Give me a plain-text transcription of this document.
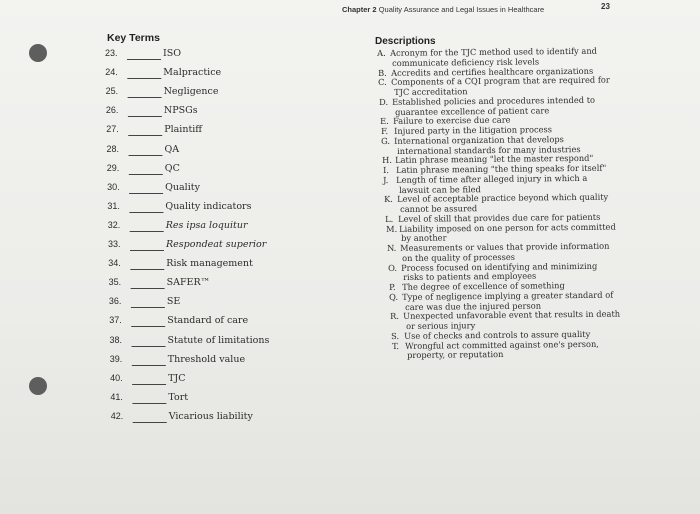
Chapter 2 Quality Assurance and Legal Issues in Healthcare	23
Key Terms
23.	ISO
24.	Malpractice
25.	Negligence
26.	NPSGs
27.	Plaintiff
28.	QA
29.	QC
30.	Quality
31.	Quality indicators
32.	Res ipsa loquitur
33.	Respondeat superior
34.	Risk management
35.	SAFER™
36.	SE
37.	Standard of care
38.	Statute of limitations
39.	Threshold value
40.	TJC
41.	Tort
42.	Vicarious liability
Descriptions
A. Acronym for the TJC method used to identify and
communicate deficiency risk levels
B. Accredits and certifies healthcare organizations
C. Components of a CQI program that are required for
TJC accreditation
D. Established policies and procedures intended to
guarantee excellence of patient care
E. Failure to exercise due care
F. Injured party in the litigation process
G. International organization that develops
international standards for many industries
H. Latin phrase meaning "let the master respond"
I. Latin phrase meaning "the thing speaks for itself"
J. Length of time after alleged injury in which a
lawsuit can be filed
K. Level of acceptable practice beyond which quality
cannot be assured
L. Level of skill that provides due care for patients
M. Liability imposed on one person for acts committed
by another
N. Measurements or values that provide information
on the quality of processes
O. Process focused on identifying and minimizing
risks to patients and employees
P. The degree of excellence of something
Q. Type of negligence implying a greater standard of
care was due the injured person
R. Unexpected unfavorable event that results in death
or serious injury
S. Use of checks and controls to assure quality
T. Wrongful act committed against one's person,
property, or reputation
